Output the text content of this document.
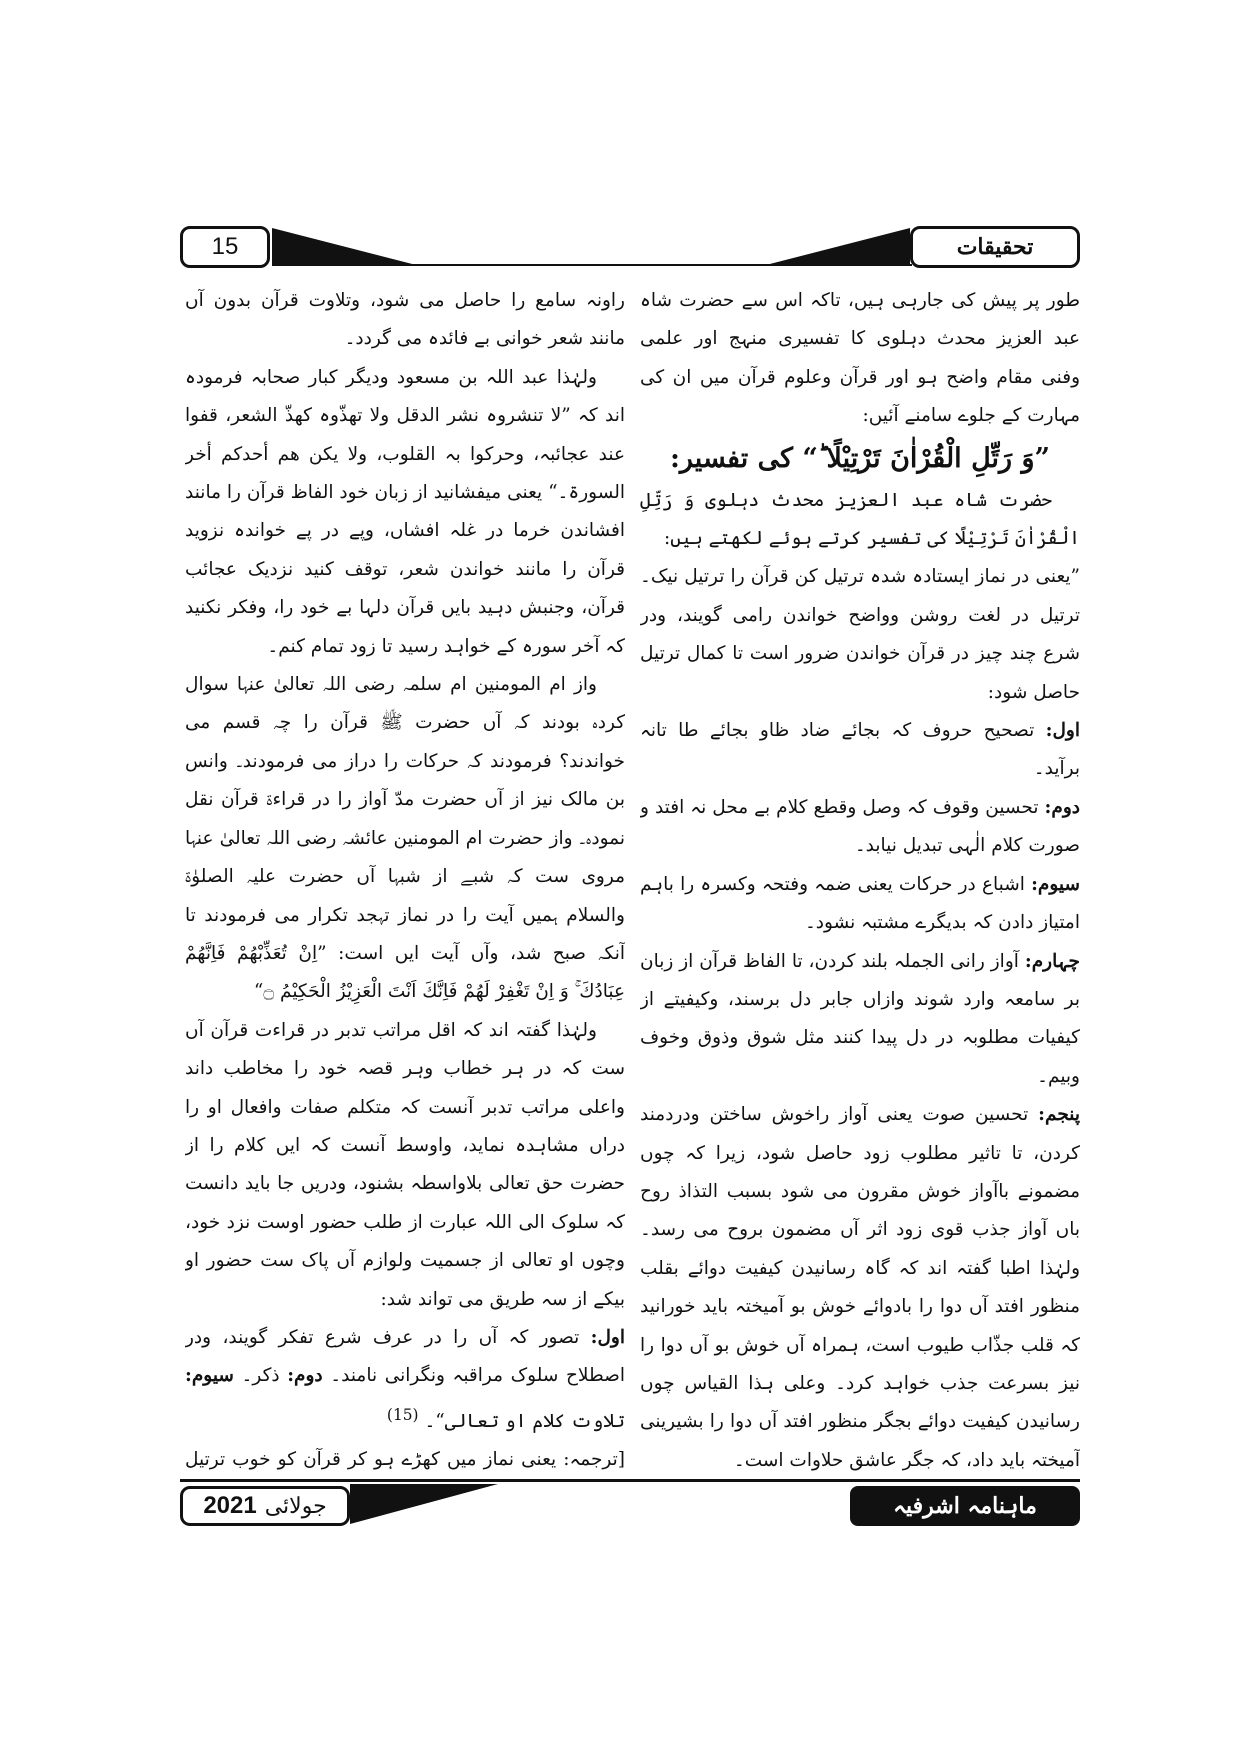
15	تحقیقات

طور پر پیش کی جارہی ہیں، تاکہ اس سے حضرت شاہ عبد العزیز محدث دہلوی کا تفسیری منہج اور علمی وفنی مقام واضح ہو اور قرآن وعلوم قرآن میں ان کی مہارت کے جلوے سامنے آئیں:

”وَ رَتِّلِ الْقُرْاٰنَ تَرْتِیْلًا ؕ“ کی تفسیر:

حضرت شاہ عبد العزیز محدث دہلوی وَ رَتِّلِ الْقُرْاٰنَ تَرْتِیْلًا کی تفسیر کرتے ہوئے لکھتے ہیں:

”یعنی در نماز ایستادہ شدہ ترتیل کن قرآن را ترتیل نیک۔ ترتیل در لغت روشن وواضح خواندن رامی گویند، ودر شرع چند چیز در قرآن خواندن ضرور است تا کمال ترتیل حاصل شود:

اول: تصحیح حروف کہ بجائے ضاد ظاو بجائے طا تانہ برآید۔

دوم: تحسین وقوف کہ وصل وقطع کلام بے محل نہ افتد و صورت کلام الٰہی تبدیل نیابد۔

سیوم: اشباع در حرکات یعنی ضمہ وفتحہ وکسرہ را باہم امتیاز دادن کہ بدیگرے مشتبہ نشود۔

چہارم: آواز رانی الجملہ بلند کردن، تا الفاظ قرآن از زبان بر سامعہ وارد شوند وازاں جابر دل برسند، وکیفیتے از کیفیات مطلوبہ در دل پیدا کنند مثل شوق وذوق وخوف وبیم۔

پنجم: تحسین صوت یعنی آواز راخوش ساختن ودردمند کردن، تا تاثیر مطلوب زود حاصل شود، زیرا کہ چوں مضمونے باآواز خوش مقرون می شود بسبب التذاذ روح باں آواز جذب قوی زود اثر آں مضمون بروح می رسد۔ ولہٰذا اطبا گفتہ اند کہ گاہ رسانیدن کیفیت دوائے بقلب منظور افتد آں دوا را بادوائے خوش بو آمیختہ باید خورانید کہ قلب جذّاب طیوب است، ہمراہ آں خوش بو آں دوا را نیز بسرعت جذب خواہد کرد۔ وعلی ہذا القیاس چوں رسانیدن کیفیت دوائے بجگر منظور افتد آں دوا را بشیرینی آمیختہ باید داد، کہ جگر عاشق حلاوات است۔

راونہ سامع را حاصل می شود، وتلاوت قرآن بدون آں مانند شعر خوانی بے فائدہ می گردد۔

ولہٰذا عبد اللہ بن مسعود ودیگر کبار صحابہ فرمودہ اند کہ ”لا تنشروہ نشر الدقل ولا تھذّوہ کھذّ الشعر، قفوا عند عجائبہ، وحرکوا بہ القلوب، ولا یکن ھم أحدکم أخر السورۃ۔“ یعنی میفشانید از زبان خود الفاظ قرآن را مانند افشاندن خرما در غلہ افشاں، وپے در پے خواندہ نزوید قرآن را مانند خواندن شعر، توقف کنید نزدیک عجائب قرآن، وجنبش دہید بایں قرآن دلہا بے خود را، وفکر نکنید کہ آخر سورہ کے خواہد رسید تا زود تمام کنم۔

واز ام المومنین ام سلمہ رضی اللہ تعالیٰ عنہا سوال کردہ بودند کہ آں حضرت ﷺ قرآن را چہ قسم می خواندند؟ فرمودند کہ حرکات را دراز می فرمودند۔ وانس بن مالک نیز از آں حضرت مدّ آواز را در قراءۃ قرآن نقل نمودہ۔ واز حضرت ام المومنین عائشہ رضی اللہ تعالیٰ عنہا مروی ست کہ شبے از شبہا آں حضرت علیہ الصلوٰۃ والسلام ہمیں آیت را در نماز تہجد تکرار می فرمودند تا آنکہ صبح شد، وآں آیت ایں است: ”اِنْ تُعَذِّبْهُمْ فَاِنَّهُمْ عِبَادُكَ ۚ وَ اِنْ تَغْفِرْ لَهُمْ فَاِنَّكَ اَنْتَ الْعَزِیْزُ الْحَكِیْمُ ۝“

ولہٰذا گفتہ اند کہ اقل مراتب تدبر در قراءت قرآن آں ست کہ در ہر خطاب وہر قصہ خود را مخاطب داند واعلی مراتب تدبر آنست کہ متکلم صفات وافعال او را دراں مشاہدہ نماید، واوسط آنست کہ ایں کلام را از حضرت حق تعالی بلاواسطہ بشنود، ودریں جا باید دانست کہ سلوک الی اللہ عبارت از طلب حضور اوست نزد خود، وچوں او تعالی از جسمیت ولوازم آں پاک ست حضور او بیکے از سہ طریق می تواند شد:

اول: تصور کہ آں را در عرف شرع تفکر گویند، ودر اصطلاح سلوک مراقبہ ونگرانی نامند۔ دوم: ذکر۔ سیوم: تلاوت کلام او تعالی“۔ $^{(15)}$

[ترجمہ: یعنی نماز میں کھڑے ہو کر قرآن کو خوب ترتیل

جولائی
2021	ماہنامہ اشرفیہ
